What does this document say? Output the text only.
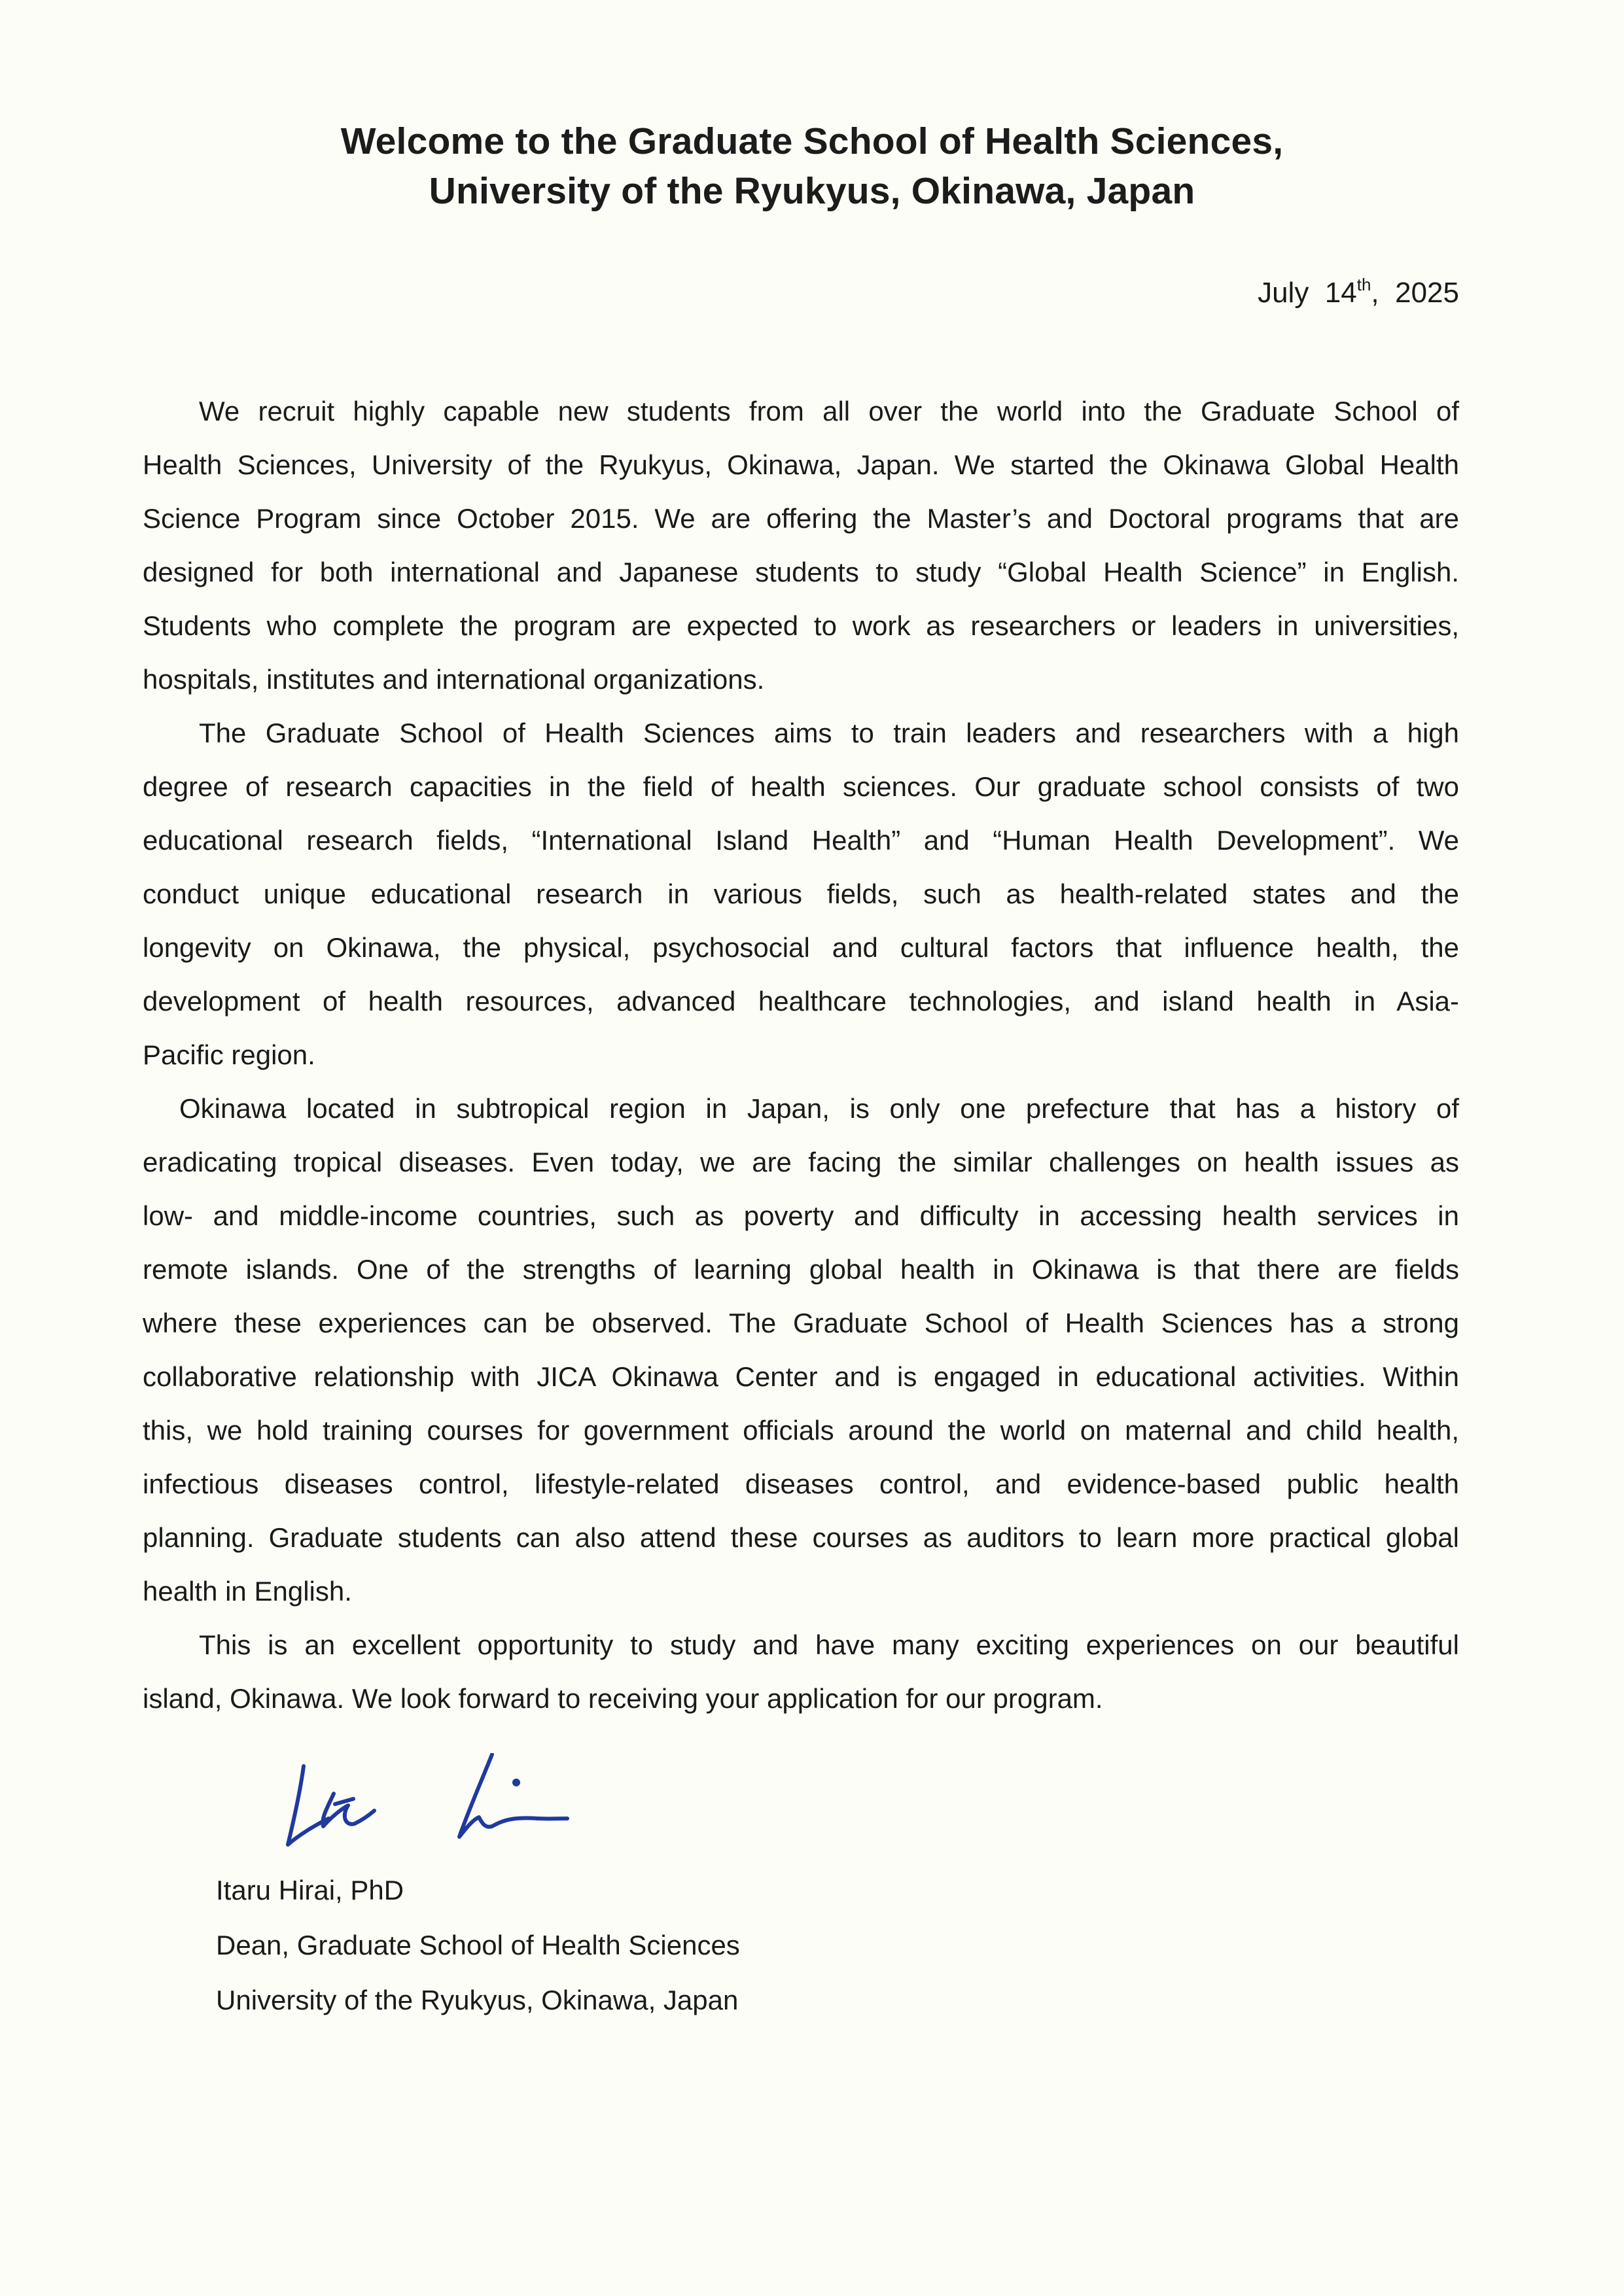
Welcome to the Graduate School of Health Sciences,
University of the Ryukyus, Okinawa, Japan
July 14th,  2025
We recruit highly capable new students from all over the world into the Graduate School of
Health Sciences, University of the Ryukyus, Okinawa, Japan. We started the Okinawa Global Health
Science Program since October 2015. We are offering the Master’s and Doctoral programs that are
designed for both international and Japanese students to study “Global Health Science” in English.
Students who complete the program are expected to work as researchers or leaders in universities,
hospitals, institutes and international organizations.
The Graduate School of Health Sciences aims to train leaders and researchers with a high
degree of research capacities in the field of health sciences. Our graduate school consists of two
educational research fields, “International Island Health” and “Human Health Development”. We
conduct unique educational research in various fields, such as health-related states and the
longevity on Okinawa, the physical, psychosocial and cultural factors that influence health, the
development of health resources, advanced healthcare technologies, and island health in Asia-
Pacific region.
Okinawa located in subtropical region in Japan, is only one prefecture that has a history of
eradicating tropical diseases. Even today, we are facing the similar challenges on health issues as
low- and middle-income countries, such as poverty and difficulty in accessing health services in
remote islands. One of the strengths of learning global health in Okinawa is that there are fields
where these experiences can be observed. The Graduate School of Health Sciences has a strong
collaborative relationship with JICA Okinawa Center and is engaged in educational activities. Within
this, we hold training courses for government officials around the world on maternal and child health,
infectious diseases control, lifestyle-related diseases control, and evidence-based public health
planning. Graduate students can also attend these courses as auditors to learn more practical global
health in English.
This is an excellent opportunity to study and have many exciting experiences on our beautiful
island, Okinawa. We look forward to receiving your application for our program.
Itaru Hirai, PhD
Dean, Graduate School of Health Sciences
University of the Ryukyus, Okinawa, Japan
